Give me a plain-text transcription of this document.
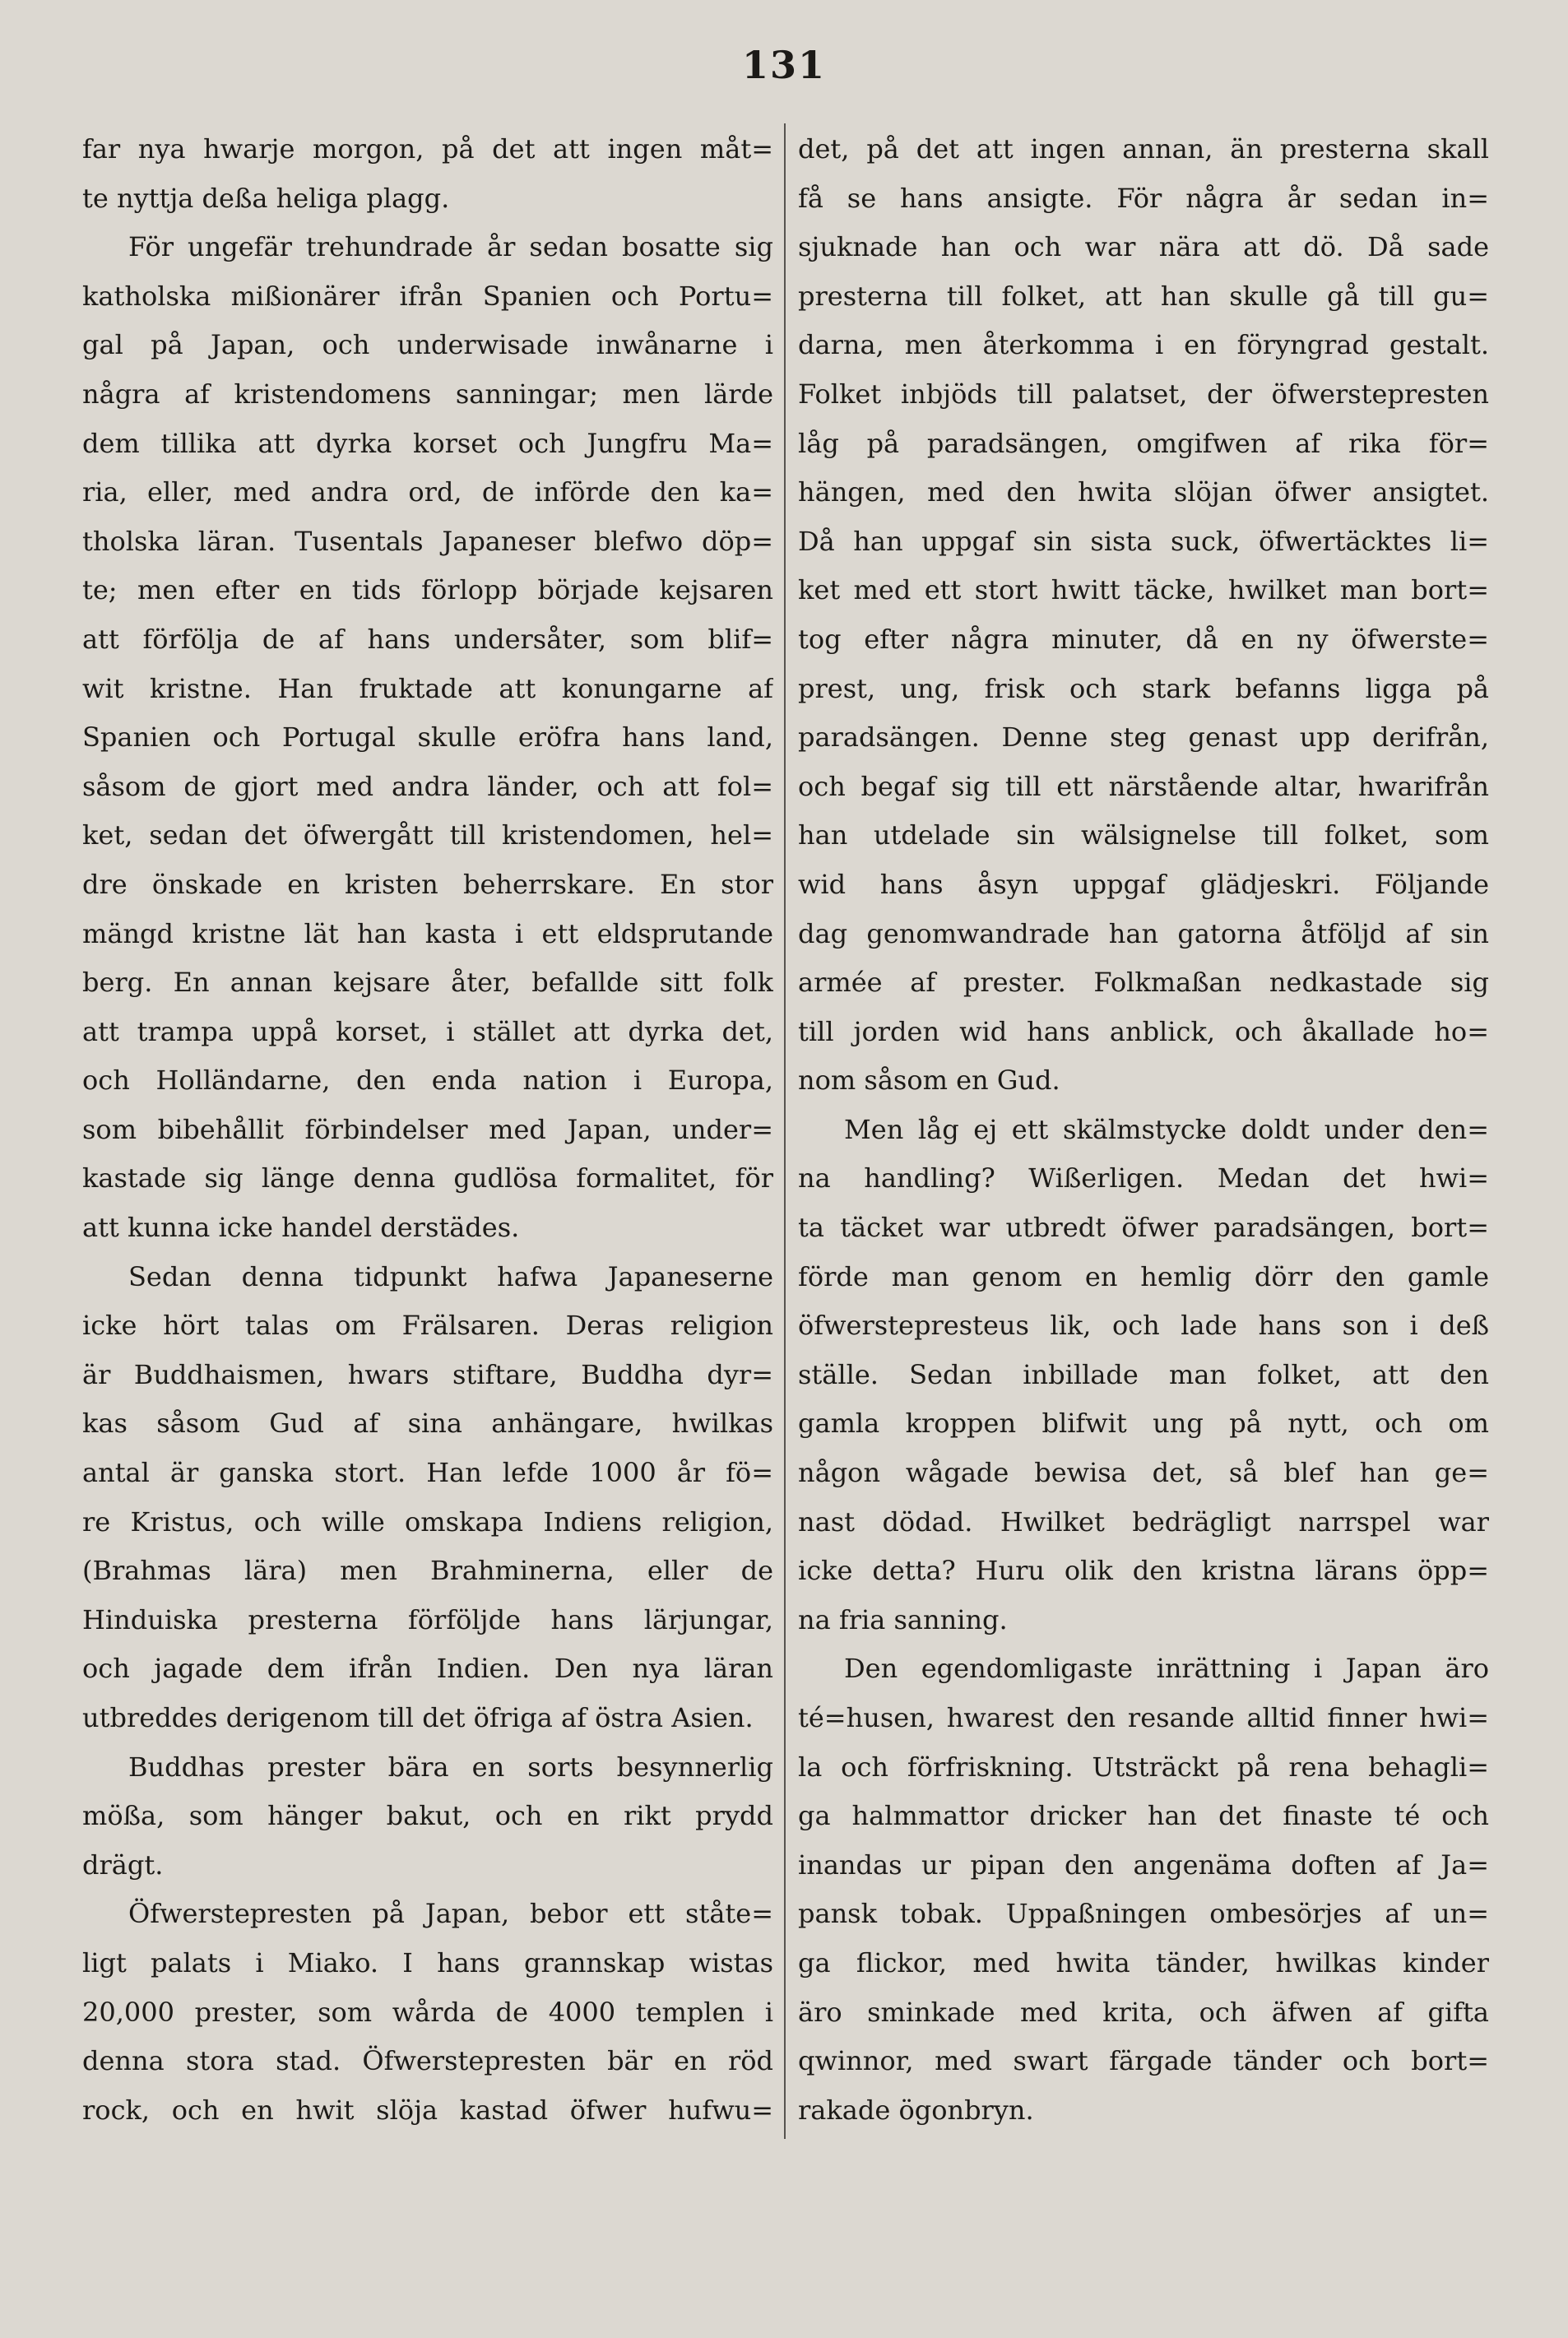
131
far nya hwarje morgon, på det att ingen måt=
te nyttja deßa heliga plagg.
För ungefär trehundrade år sedan bosatte sig
katholska mißionärer ifrån Spanien och Portu=
gal på Japan, och underwisade inwånarne i
några af kristendomens sanningar; men lärde
dem tillika att dyrka korset och Jungfru Ma=
ria, eller, med andra ord, de införde den ka=
tholska läran. Tusentals Japaneser blefwo döp=
te; men efter en tids förlopp började kejsaren
att förfölja de af hans undersåter, som blif=
wit kristne. Han fruktade att konungarne af
Spanien och Portugal skulle eröfra hans land,
såsom de gjort med andra länder, och att fol=
ket, sedan det öfwergått till kristendomen, hel=
dre önskade en kristen beherrskare. En stor
mängd kristne lät han kasta i ett eldsprutande
berg. En annan kejsare åter, befallde sitt folk
att trampa uppå korset, i stället att dyrka det,
och Holländarne, den enda nation i Europa,
som bibehållit förbindelser med Japan, under=
kastade sig länge denna gudlösa formalitet, för
att kunna icke handel derstädes.
Sedan denna tidpunkt hafwa Japaneserne
icke hört talas om Frälsaren. Deras religion
är Buddhaismen, hwars stiftare, Buddha dyr=
kas såsom Gud af sina anhängare, hwilkas
antal är ganska stort. Han lefde 1000 år fö=
re Kristus, och wille omskapa Indiens religion,
(Brahmas lära) men Brahminerna, eller de
Hinduiska presterna förföljde hans lärjungar,
och jagade dem ifrån Indien. Den nya läran
utbreddes derigenom till det öfriga af östra Asien.
Buddhas prester bära en sorts besynnerlig
mößa, som hänger bakut, och en rikt prydd
drägt.
Öfwerstepresten på Japan, bebor ett ståte=
ligt palats i Miako. I hans grannskap wistas
20,000 prester, som wårda de 4000 templen i
denna stora stad. Öfwerstepresten bär en röd
rock, och en hwit slöja kastad öfwer hufwu=
det, på det att ingen annan, än presterna skall
få se hans ansigte. För några år sedan in=
sjuknade han och war nära att dö. Då sade
presterna till folket, att han skulle gå till gu=
darna, men återkomma i en föryngrad gestalt.
Folket inbjöds till palatset, der öfwerstepresten
låg på paradsängen, omgifwen af rika för=
hängen, med den hwita slöjan öfwer ansigtet.
Då han uppgaf sin sista suck, öfwertäcktes li=
ket med ett stort hwitt täcke, hwilket man bort=
tog efter några minuter, då en ny öfwerste=
prest, ung, frisk och stark befanns ligga på
paradsängen. Denne steg genast upp derifrån,
och begaf sig till ett närstående altar, hwarifrån
han utdelade sin wälsignelse till folket, som
wid hans åsyn uppgaf glädjeskri. Följande
dag genomwandrade han gatorna åtföljd af sin
armée af prester. Folkmaßan nedkastade sig
till jorden wid hans anblick, och åkallade ho=
nom såsom en Gud.
Men låg ej ett skälmstycke doldt under den=
na handling? Wißerligen. Medan det hwi=
ta täcket war utbredt öfwer paradsängen, bort=
förde man genom en hemlig dörr den gamle
öfwerstepresteus lik, och lade hans son i deß
ställe. Sedan inbillade man folket, att den
gamla kroppen blifwit ung på nytt, och om
någon wågade bewisa det, så blef han ge=
nast dödad. Hwilket bedrägligt narrspel war
icke detta? Huru olik den kristna lärans öpp=
na fria sanning.
Den egendomligaste inrättning i Japan äro
té=husen, hwarest den resande alltid finner hwi=
la och förfriskning. Utsträckt på rena behagli=
ga halmmattor dricker han det finaste té och
inandas ur pipan den angenäma doften af Ja=
pansk tobak. Uppaßningen ombesörjes af un=
ga flickor, med hwita tänder, hwilkas kinder
äro sminkade med krita, och äfwen af gifta
qwinnor, med swart färgade tänder och bort=
rakade ögonbryn.
